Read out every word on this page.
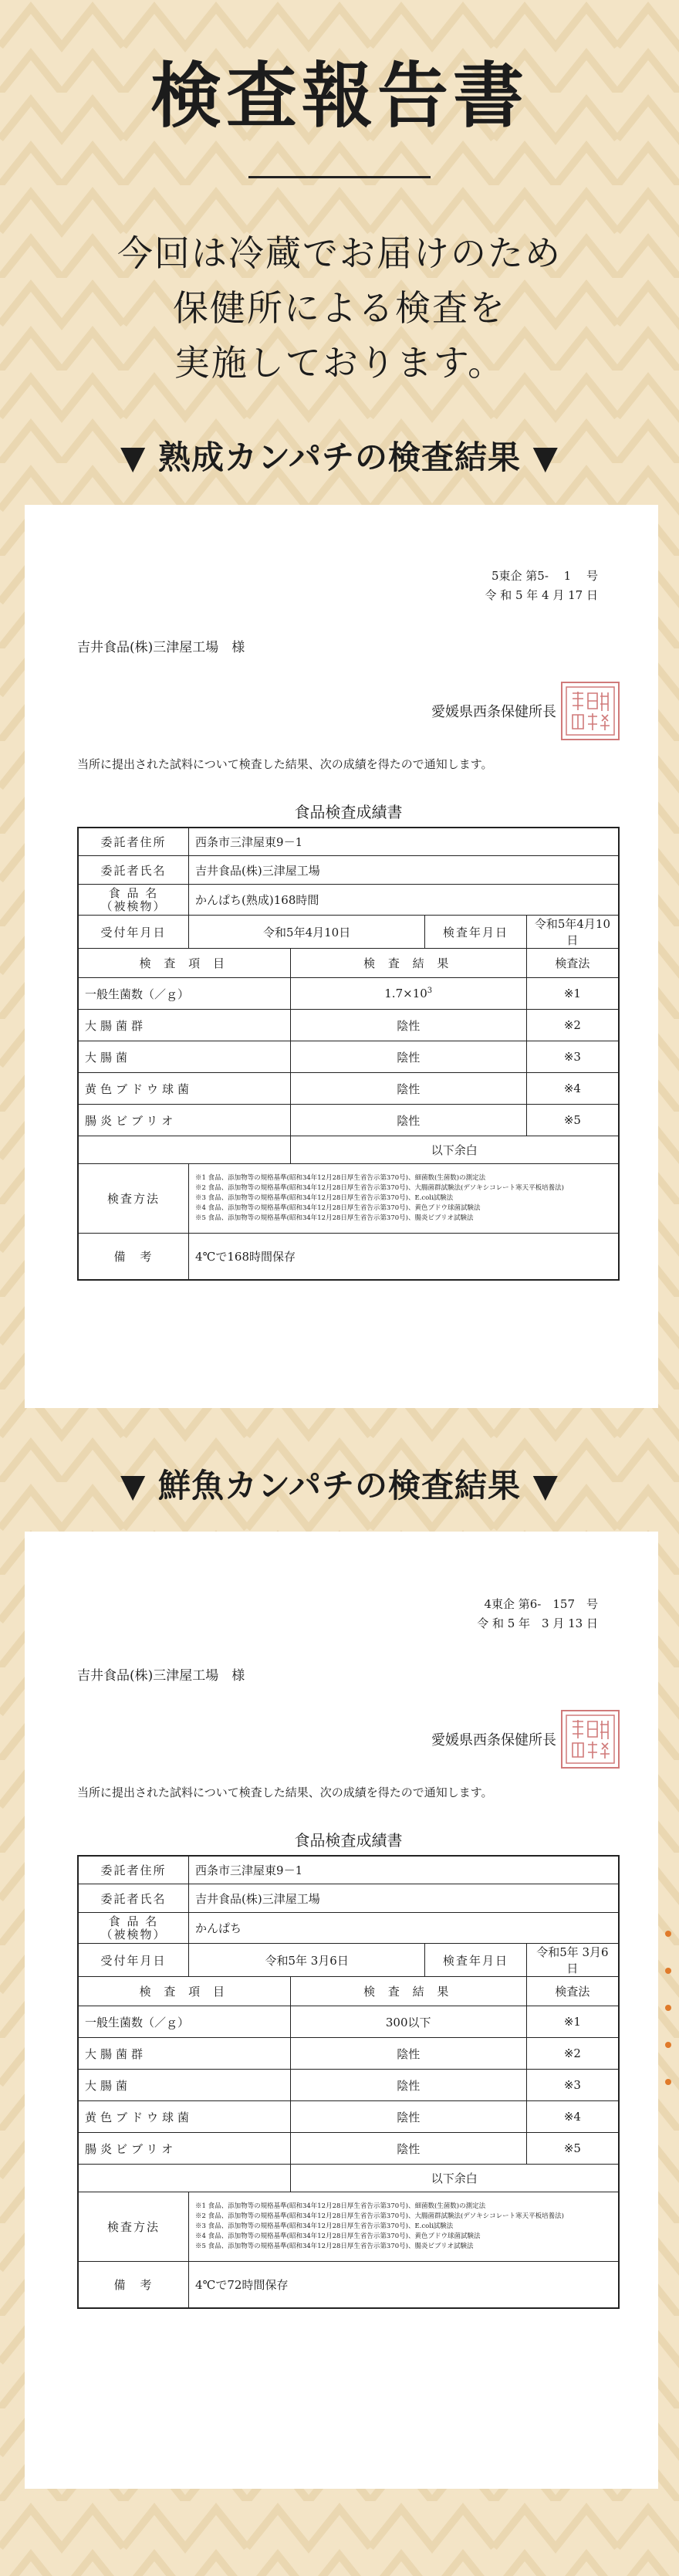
検査報告書
今回は冷蔵でお届けのため
保健所による検査を
実施しております。
▼ 熟成カンパチの検査結果 ▼
5東企 第5-　 1　 号
令 和 5 年 4 月 17 日
吉井食品(株)三津屋工場　様
愛媛県西条保健所長
当所に提出された試料について検査した結果、次の成績を得たので通知します。
食品検査成績書
委託者住所	西条市三津屋東9－1			
委託者氏名	吉井食品(株)三津屋工場			

食 品 名
（被検物）	かんぱち(熟成)168時間			
受付年月日	令和5年4月10日		検査年月日	令和5年4月10日
検 査 項 目		検 査 結 果		検査法
一般生菌数（／ｇ）		$1.7\times 10^3$		※1
大腸菌群		陰性		※2
大腸菌		陰性		※3
黄色ブドウ球菌		陰性		※4
腸炎ビブリオ		陰性		※5
		以下余白		
検査方法	※1 食品、添加物等の規格基準(昭和34年12月28日厚生省告示第370号)、細菌数(生菌数)の測定法
※2 食品、添加物等の規格基準(昭和34年12月28日厚生省告示第370号)、大腸菌群試験法(デソキシコレート寒天平板培養法)
※3 食品、添加物等の規格基準(昭和34年12月28日厚生省告示第370号)、E.coli試験法
※4 食品、添加物等の規格基準(昭和34年12月28日厚生省告示第370号)、黄色ブドウ球菌試験法
※5 食品、添加物等の規格基準(昭和34年12月28日厚生省告示第370号)、腸炎ビブリオ試験法			

備　考	4℃で168時間保存			
▼ 鮮魚カンパチの検査結果 ▼
4東企 第6-　157　号
令 和 5 年　3 月 13 日
吉井食品(株)三津屋工場　様
愛媛県西条保健所長
当所に提出された試料について検査した結果、次の成績を得たので通知します。
食品検査成績書
委託者住所	西条市三津屋東9－1			
委託者氏名	吉井食品(株)三津屋工場			

食 品 名
（被検物）	かんぱち			
受付年月日	令和5年 3月6日		検査年月日	令和5年 3月6日
検 査 項 目		検 査 結 果		検査法
一般生菌数（／ｇ）		300以下		※1
大腸菌群		陰性		※2
大腸菌		陰性		※3
黄色ブドウ球菌		陰性		※4
腸炎ビブリオ		陰性		※5
		以下余白		
検査方法	※1 食品、添加物等の規格基準(昭和34年12月28日厚生省告示第370号)、細菌数(生菌数)の測定法
※2 食品、添加物等の規格基準(昭和34年12月28日厚生省告示第370号)、大腸菌群試験法(デソキシコレート寒天平板培養法)
※3 食品、添加物等の規格基準(昭和34年12月28日厚生省告示第370号)、E.coli試験法
※4 食品、添加物等の規格基準(昭和34年12月28日厚生省告示第370号)、黄色ブドウ球菌試験法
※5 食品、添加物等の規格基準(昭和34年12月28日厚生省告示第370号)、腸炎ビブリオ試験法			

備　考	4℃で72時間保存			
